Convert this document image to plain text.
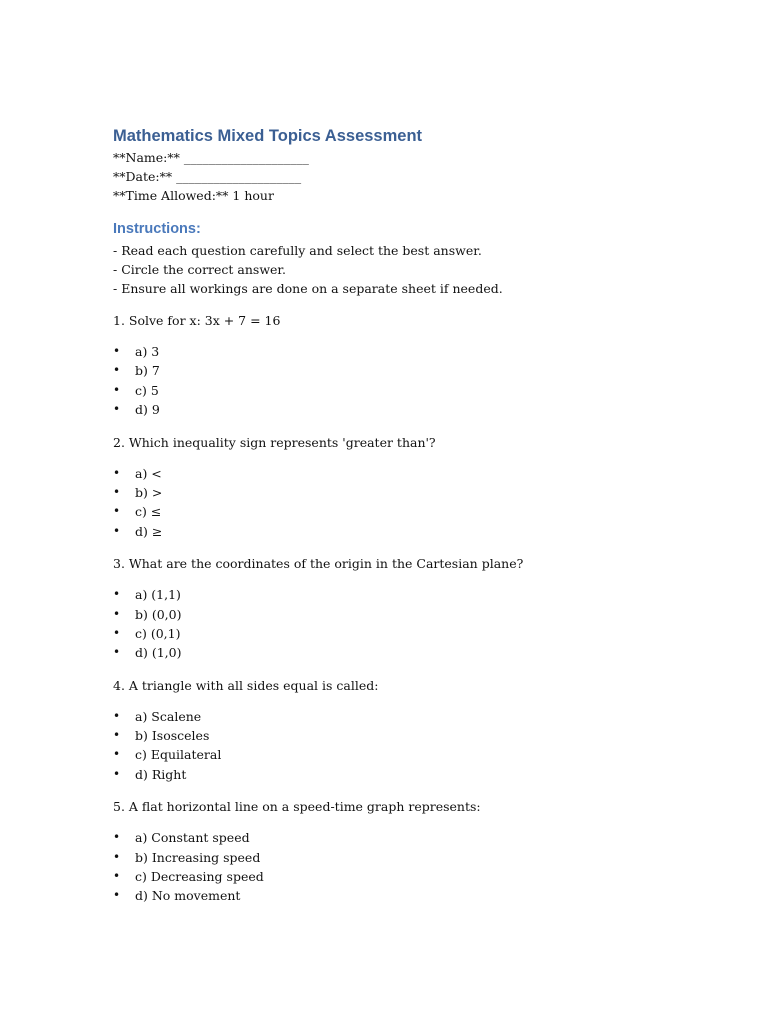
Mathematics Mixed Topics Assessment

**Name:** ____________________

**Date:** ____________________

**Time Allowed:** 1 hour

Instructions:

- Read each question carefully and select the best answer.

- Circle the correct answer.

- Ensure all workings are done on a separate sheet if needed.

1. Solve for x: 3x + 7 = 16

• a) 3
• b) 7
• c) 5
• d) 9

2. Which inequality sign represents 'greater than'?

• a) <
• b) >
• c) ≤
• d) ≥

3. What are the coordinates of the origin in the Cartesian plane?

• a) (1,1)
• b) (0,0)
• c) (0,1)
• d) (1,0)

4. A triangle with all sides equal is called:

• a) Scalene
• b) Isosceles
• c) Equilateral
• d) Right

5. A flat horizontal line on a speed-time graph represents:

• a) Constant speed
• b) Increasing speed
• c) Decreasing speed
• d) No movement
